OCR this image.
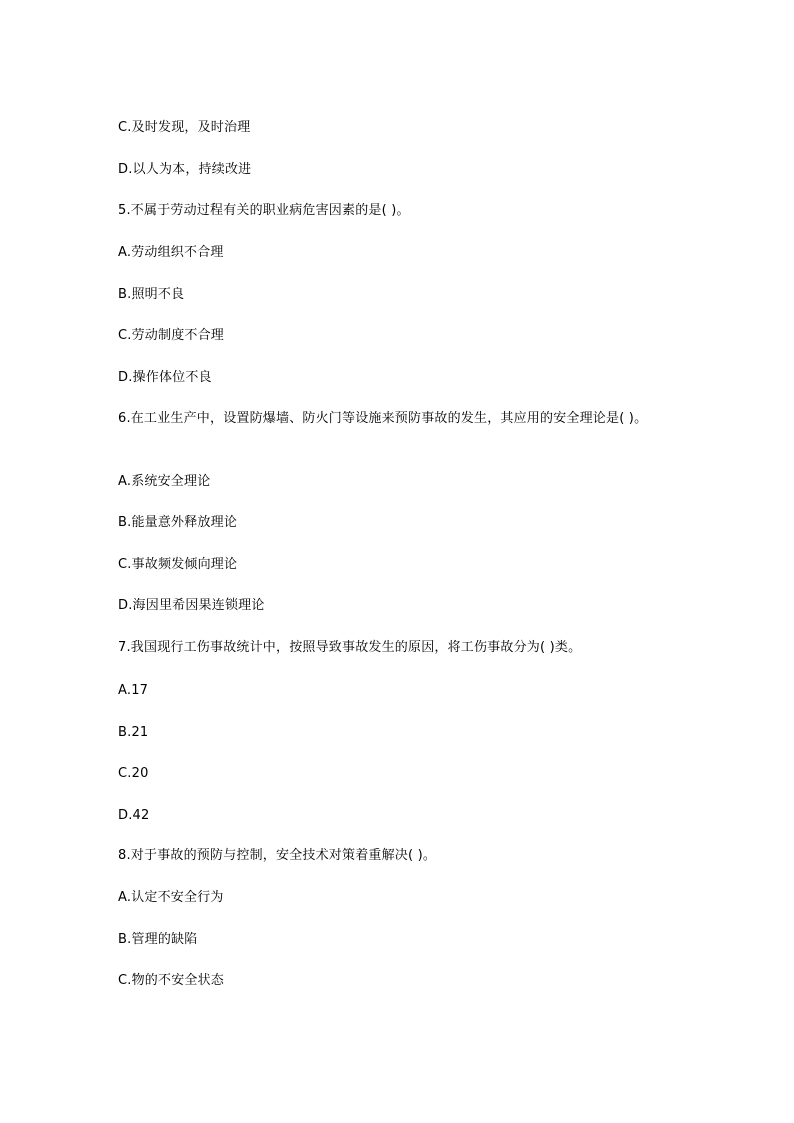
C.及时发现，及时治理
D.以人为本，持续改进
5.不属于劳动过程有关的职业病危害因素的是( )。
A.劳动组织不合理
B.照明不良
C.劳动制度不合理
D.操作体位不良
6.在工业生产中，设置防爆墙、防火门等设施来预防事故的发生，其应用的安全理论是( )。
A.系统安全理论
B.能量意外释放理论
C.事故频发倾向理论
D.海因里希因果连锁理论
7.我国现行工伤事故统计中，按照导致事故发生的原因，将工伤事故分为( )类。
A.17
B.21
C.20
D.42
8.对于事故的预防与控制，安全技术对策着重解决( )。
A.认定不安全行为
B.管理的缺陷
C.物的不安全状态
